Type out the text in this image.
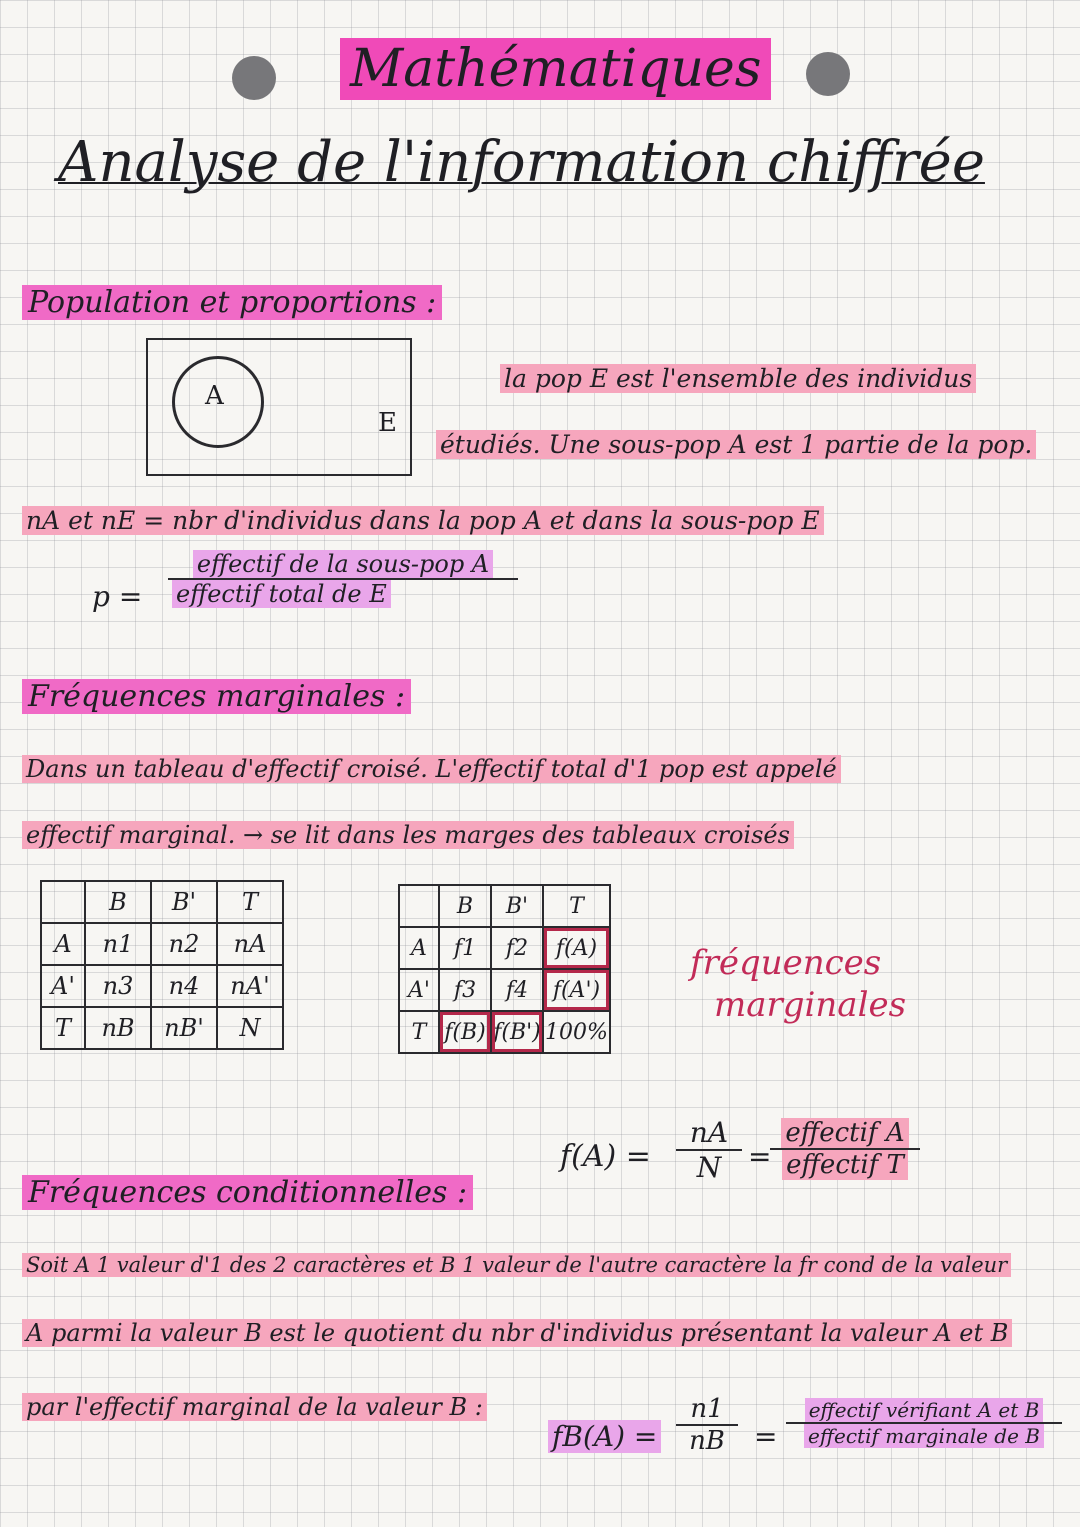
Mathématiques
Analyse de l'information chiffrée
Population et proportions :
A
E
la pop E est l'ensemble des individus
étudiés. Une sous-pop A est 1 partie de la pop.
nA et nE = nbr d'individus dans la pop A et dans la sous-pop E
p =
effectif de la sous-pop A
effectif total de E
Fréquences marginales :
Dans un tableau d'effectif croisé. L'effectif total d'1 pop est appelé
effectif marginal. → se lit dans les marges des tableaux croisés
	B	B'	T
A	n1	n2	nA
A'	n3	n4	nA'
T	nB	nB'	N
	B	B'	T
A	f1	f2	f(A)
A'	f3	f4	f(A')
T	f(B)	f(B')	100%
fréquences
marginales
$f(A) = \frac{nA}{N}$ =
effectif A
effectif T
Fréquences conditionnelles :
Soit A 1 valeur d'1 des 2 caractères et B 1 valeur de l'autre caractère la fr cond de la valeur
A parmi la valeur B est le quotient du nbr d'individus présentant la valeur A et B
par l'effectif marginal de la valeur B :
$fB(A) = \frac{n1}{nB}$ =
effectif vérifiant A et B
effectif marginale de B
